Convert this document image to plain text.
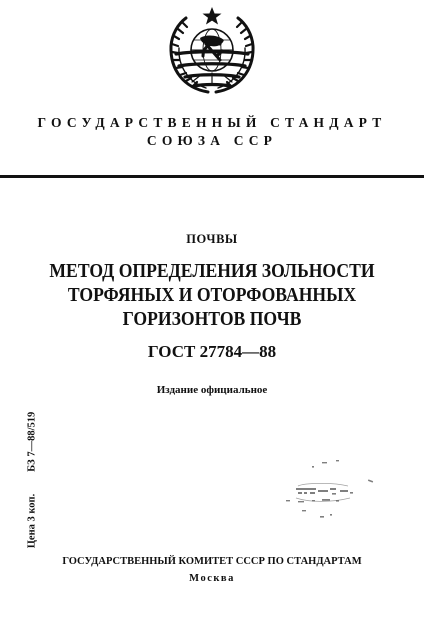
ГОСУДАРСТВЕННЫЙ СТАНДАРТ
СОЮЗА ССР
ПОЧВЫ
МЕТОД ОПРЕДЕЛЕНИЯ ЗОЛЬНОСТИ
ТОРФЯНЫХ И ОТОРФОВАННЫХ
ГОРИЗОНТОВ ПОЧВ
ГОСТ 27784—88
Издание официальное
Цена 3 коп.БЗ 7—88/519
ГОСУДАРСТВЕННЫЙ КОМИТЕТ СССР ПО СТАНДАРТАМ
Москва
